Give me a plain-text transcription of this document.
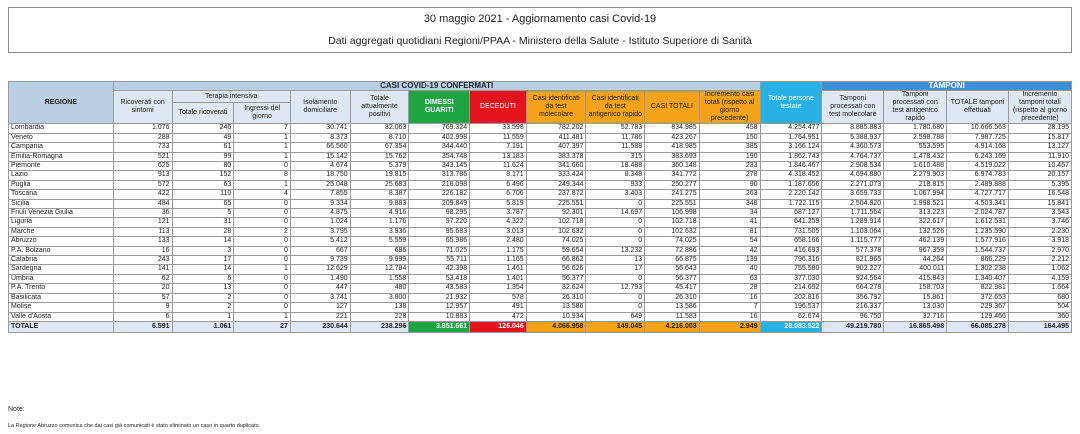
30 maggio 2021 - Aggiornamento casi Covid-19
Dati aggregati quotidiani Regioni/PPAA - Ministero della Salute - Istituto Superiore di Sanità
REGIONE	CASI COVID-19 CONFERMATI											Totale persone testate	TAMPONI			
	Ricoverati con sintomi	Terapia intensiva		Isolamento domiciliare	Totale attualmente positivi	DIMESSI GUARITI	DECEDUTI	Casi identificati da test molecolare	Casi identificati da test antigenico rapido	CASI TOTALI	Incremento casi totali (rispetto al giorno precedente)		Tamponi processati con test molecolare	Tamponi processati con test antigenico rapido	TOTALE tamponi effettuati	Incremento tamponi totali (rispetto al giorno precedente)
		Totale ricoverati	Ingressi del giorno													
Lombardia	1.076	246	7	30.741	32.063	769.324	33.598	782.202	52.783	834.985	458	4.254.477	8.885.883	1.780.680	10.666.563	28.195
Veneto	288	49	1	8.373	8.710	402.998	11.559	411.481	11.786	423.267	150	1.764.951	5.388.937	2.598.788	7.987.725	15.817
Campania	733	61	1	66.560	67.354	344.440	7.191	407.397	11.588	418.985	385	3.166.124	4.360.573	553.595	4.914.168	13.127
Emilia-Romagna	521	99	1	15.142	15.762	354.748	13.183	383.378	315	383.693	190	1.862.743	4.764.737	1.478.432	6.243.169	11.910
Piemonte	625	80	0	4.674	5.379	343.145	11.624	341.660	18.488	360.148	233	1.846.467	2.908.534	1.610.488	4.519.022	10.457
Lazio	913	152	8	18.750	19.815	313.786	8.171	333.424	8.348	341.772	278	4.318.452	4.694.880	2.279.903	6.974.783	20.157
Puglia	572	63	1	25.048	25.683	218.098	6.496	249.344	933	250.277	90	1.187.656	2.271.073	218.815	2.489.888	5.395
Toscana	422	110	4	7.855	8.387	226.182	6.706	237.872	3.403	241.275	263	2.220.142	3.659.733	1.067.994	4.727.717	16.548
Sicilia	484	65	0	9.334	9.883	209.849	5.819	225.551	0	225.551	348	1.722.115	2.504.820	1.998.521	4.503.341	15.841
Friuli Venezia Giulia	36	5	0	4.875	4.916	98.295	3.787	92.301	14.697	106.998	34	687.127	1.711.564	313.223	2.024.787	3.543
Liguria	121	31	0	1.024	1.176	97.220	4.322	102.718	0	102.718	41	641.259	1.289.914	322.617	1.612.531	3.746
Marche	113	28	2	3.795	3.936	95.683	3.013	102.632	0	102.632	81	731.505	1.103.064	132.526	1.235.590	2.230
Abruzzo	133	14	0	5.412	5.559	65.986	2.480	74.025	0	74.025	54	658.166	1.115.777	462.139	1.577.916	3.918
P.A. Bolzano	16	3	0	667	686	71.025	1.175	59.654	13.232	72.886	42	416.693	577.378	967.359	1.544.737	2.970
Calabria	243	17	0	9.739	9.999	55.711	1.165	66.862	13	66.875	139	796.316	821.965	44.264	866.229	2.212
Sardegna	141	14	1	12.629	12.784	42.398	1.461	56.626	17	56.643	40	755.580	902.227	400.011	1.302.238	1.062
Umbria	62	6	0	1.490	1.558	53.418	1.401	56.377	0	56.377	63	377.030	924.564	415.843	1.340.407	4.159
P.A. Trento	20	13	0	447	480	43.583	1.354	32.624	12.793	45.417	28	214.692	664.278	158.703	822.981	1.664
Basilicata	57	2	0	3.741	3.800	21.932	578	26.310	0	26.310	16	202.816	356.792	15.861	372.653	680
Molise	9	2	0	127	138	12.957	491	13.586	0	13.586	7	196.537	216.337	13.030	229.367	504
Valle d'Aosta	6	1	1	221	228	10.883	472	10.934	649	11.583	16	62.674	96.750	32.716	129.466	360
TOTALE	6.591	1.061	27	230.644	238.296	3.851.661	126.046	4.066.958	149.045	4.216.003	2.949	28.083.522	49.219.780	16.865.498	66.085.278	164.495
Note:
La Regione Abruzzo comunica che dai casi già comunicati è stato eliminato un caso in quarto duplicato.
